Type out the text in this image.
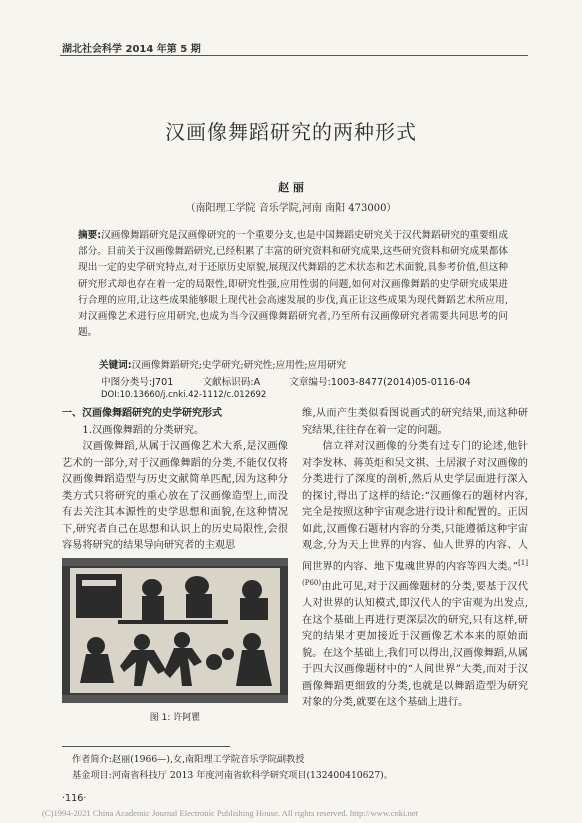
湖北社会科学 2014 年第 5 期
汉画像舞蹈研究的两种形式
赵 丽
（南阳理工学院 音乐学院,河南 南阳 473000）
摘要:汉画像舞蹈研究是汉画像研究的一个重要分支,也是中国舞蹈史研究关于汉代舞蹈研究的重要组成部分。目前关于汉画像舞蹈研究,已经积累了丰富的研究资料和研究成果,这些研究资料和研究成果都体现出一定的史学研究特点,对于还原历史原貌,展现汉代舞蹈的艺术状态和艺术面貌,具参考价值,但这种研究形式却也存在着一定的局限性,即研究性强,应用性弱的问题,如何对汉画像舞蹈的史学研究成果进行合理的应用,让这些成果能够眼上现代社会高速发展的步伐,真正让这些成果为现代舞蹈艺术所应用,对汉画像艺术进行应用研究,也成为当今汉画像舞蹈研究者,乃至所有汉画像研究者需要共同思考的问题。
关键词:汉画像舞蹈研究;史学研究;研究性;应用性;应用研究
中图分类号:J701	文献标识码:A	文章编号:1003-8477(2014)05-0116-04
DOI:10.13660/j.cnki.42-1112/c.012692

一、汉画像舞蹈研究的史学研究形式

1.汉画像舞蹈的分类研究。

汉画像舞蹈,从属于汉画像艺术大系,是汉画像艺术的一部分,对于汉画像舞蹈的分类,不能仅仅将汉画像舞蹈造型与历史文献简单匹配,因为这种分类方式只将研究的重心放在了汉画像造型上,而没有去关注其本源性的史学思想和面貌,在这种情况下,研究者自己在思想和认识上的历史局限性,会很容易将研究的结果导向研究者的主观思

图 1: 许阿瞿

维,从而产生类似看图说画式的研究结果,而这种研究结果,往往存在着一定的问题。

信立祥对汉画像的分类有过专门的论述,他针对李发林、蒋英炬和吴文祺、土居淑子对汉画像的分类进行了深度的剖析,然后从史学层面进行深入的探讨,得出了这样的结论:“汉画像石的题材内容,完全是按照这种宇宙观念进行设计和配置的。正因如此,汉画像石题材内容的分类,只能遵循这种宇宙观念,分为天上世界的内容、仙人世界的内容、人间世界的内容、地下鬼魂世界的内容等四大类。”$^{[1](P60)}$由此可见,对于汉画像题材的分类,要基于汉代人对世界的认知模式,即汉代人的宇宙观为出发点,在这个基础上再进行更深层次的研究,只有这样,研究的结果才更加接近于汉画像艺术本来的原始面貌。在这个基础上,我们可以得出,汉画像舞蹈,从属于四大汉画像题材中的“人间世界”大类,而对于汉画像舞蹈更细致的分类,也就是以舞蹈造型为研究对象的分类,就要在这个基础上进行。

作者简介:赵丽(1966—),女,南阳理工学院音乐学院副教授
基金项目:河南省科技厅 2013 年度河南省软科学研究项目(132400410627)。
·116·
(C)1994-2021 China Academic Journal Electronic Publishing House. All rights reserved. http://www.cnki.net
